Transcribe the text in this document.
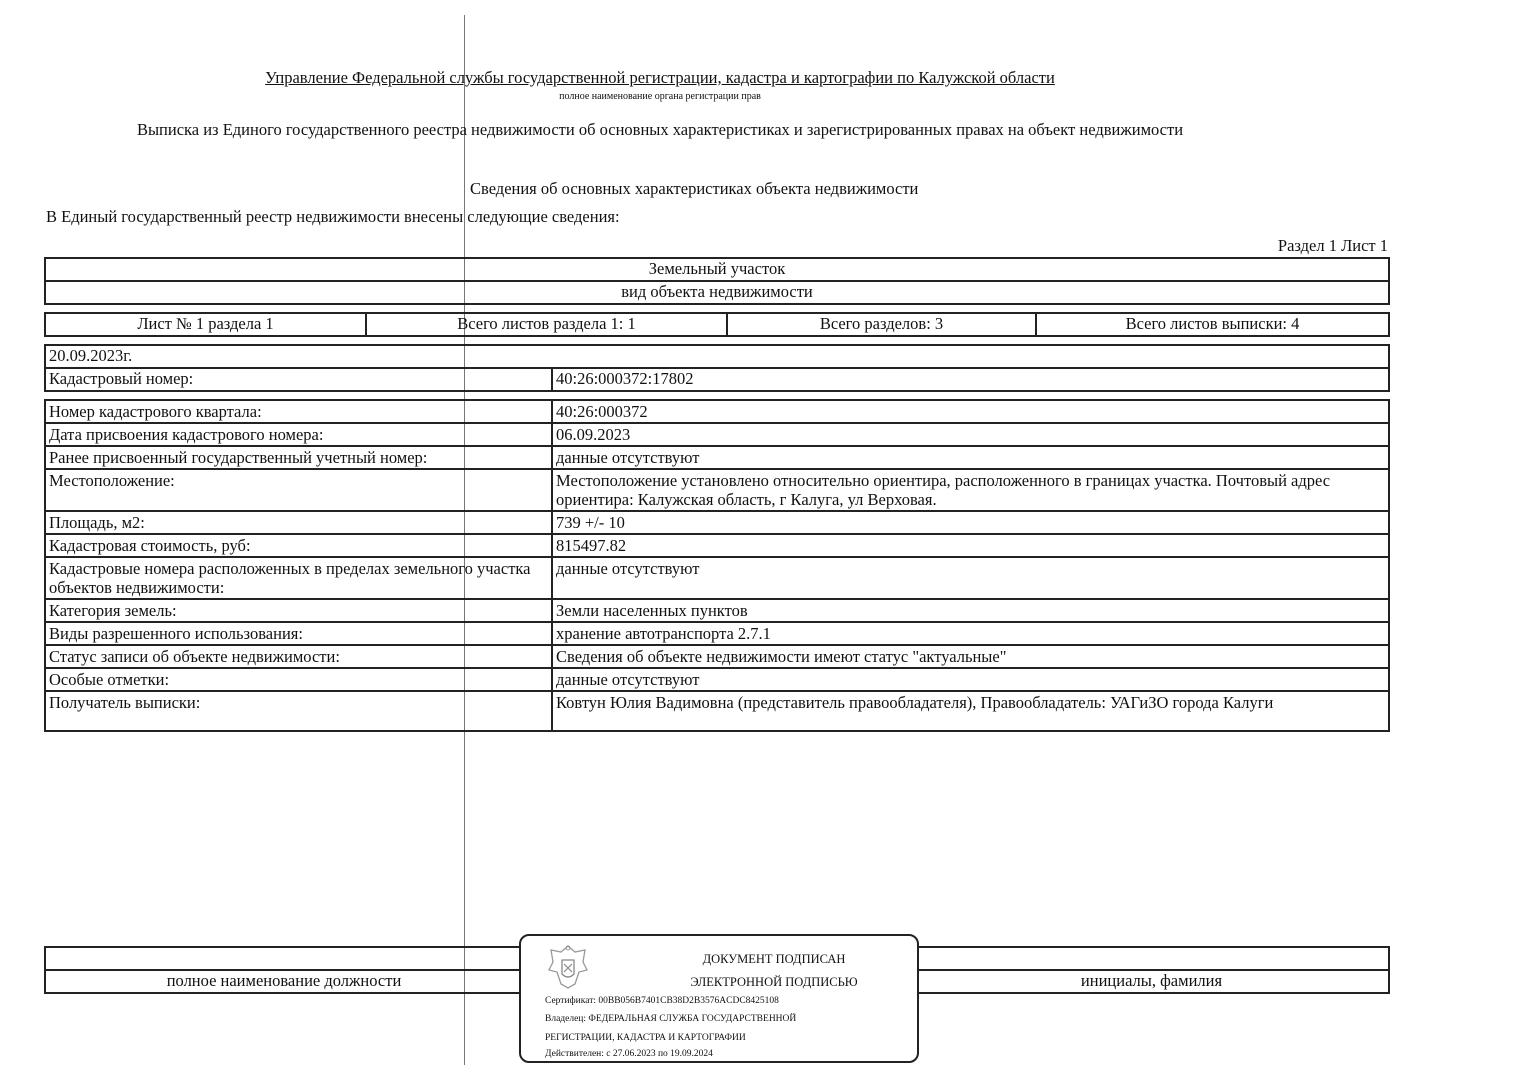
Управление Федеральной службы государственной регистрации, кадастра и картографии по Калужской области
полное наименование органа регистрации прав
Выписка из Единого государственного реестра недвижимости об основных характеристиках и зарегистрированных правах на объект недвижимости
Сведения об основных характеристиках объекта недвижимости
В Единый государственный реестр недвижимости внесены следующие сведения:
Раздел 1 Лист 1
Земельный участок
вид объекта недвижимости
Лист № 1 раздела 1	Всего листов раздела 1: 1	Всего разделов: 3	Всего листов выписки: 4
20.09.2023г.
Кадастровый номер:	40:26:000372:17802
Номер кадастрового квартала:	40:26:000372
Дата присвоения кадастрового номера:	06.09.2023
Ранее присвоенный государственный учетный номер:	данные отсутствуют
Местоположение:	Местоположение установлено относительно ориентира, расположенного в границах участка. Почтовый адрес ориентира: Калужская область, г Калуга, ул Верховая.
Площадь, м2:	739 +/- 10
Кадастровая стоимость, руб:	815497.82
Кадастровые номера расположенных в пределах земельного участка объектов недвижимости:	данные отсутствуют
Категория земель:	Земли населенных пунктов
Виды разрешенного использования:	хранение автотранспорта 2.7.1
Статус записи об объекте недвижимости:	Сведения об объекте недвижимости имеют статус "актуальные"
Особые отметки:	данные отсутствуют
Получатель выписки:	Ковтун Юлия Вадимовна (представитель правообладателя), Правообладатель: УАГиЗО города Калуги

полное наименование должности		инициалы, фамилия
ДОКУМЕНТ ПОДПИСАН
ЭЛЕКТРОННОЙ ПОДПИСЬЮ
Сертификат: 00BB056B7401CB38D2B3576ACDC8425108
Владелец: ФЕДЕРАЛЬНАЯ СЛУЖБА ГОСУДАРСТВЕННОЙ
РЕГИСТРАЦИИ, КАДАСТРА И КАРТОГРАФИИ
Действителен: с 27.06.2023 по 19.09.2024
